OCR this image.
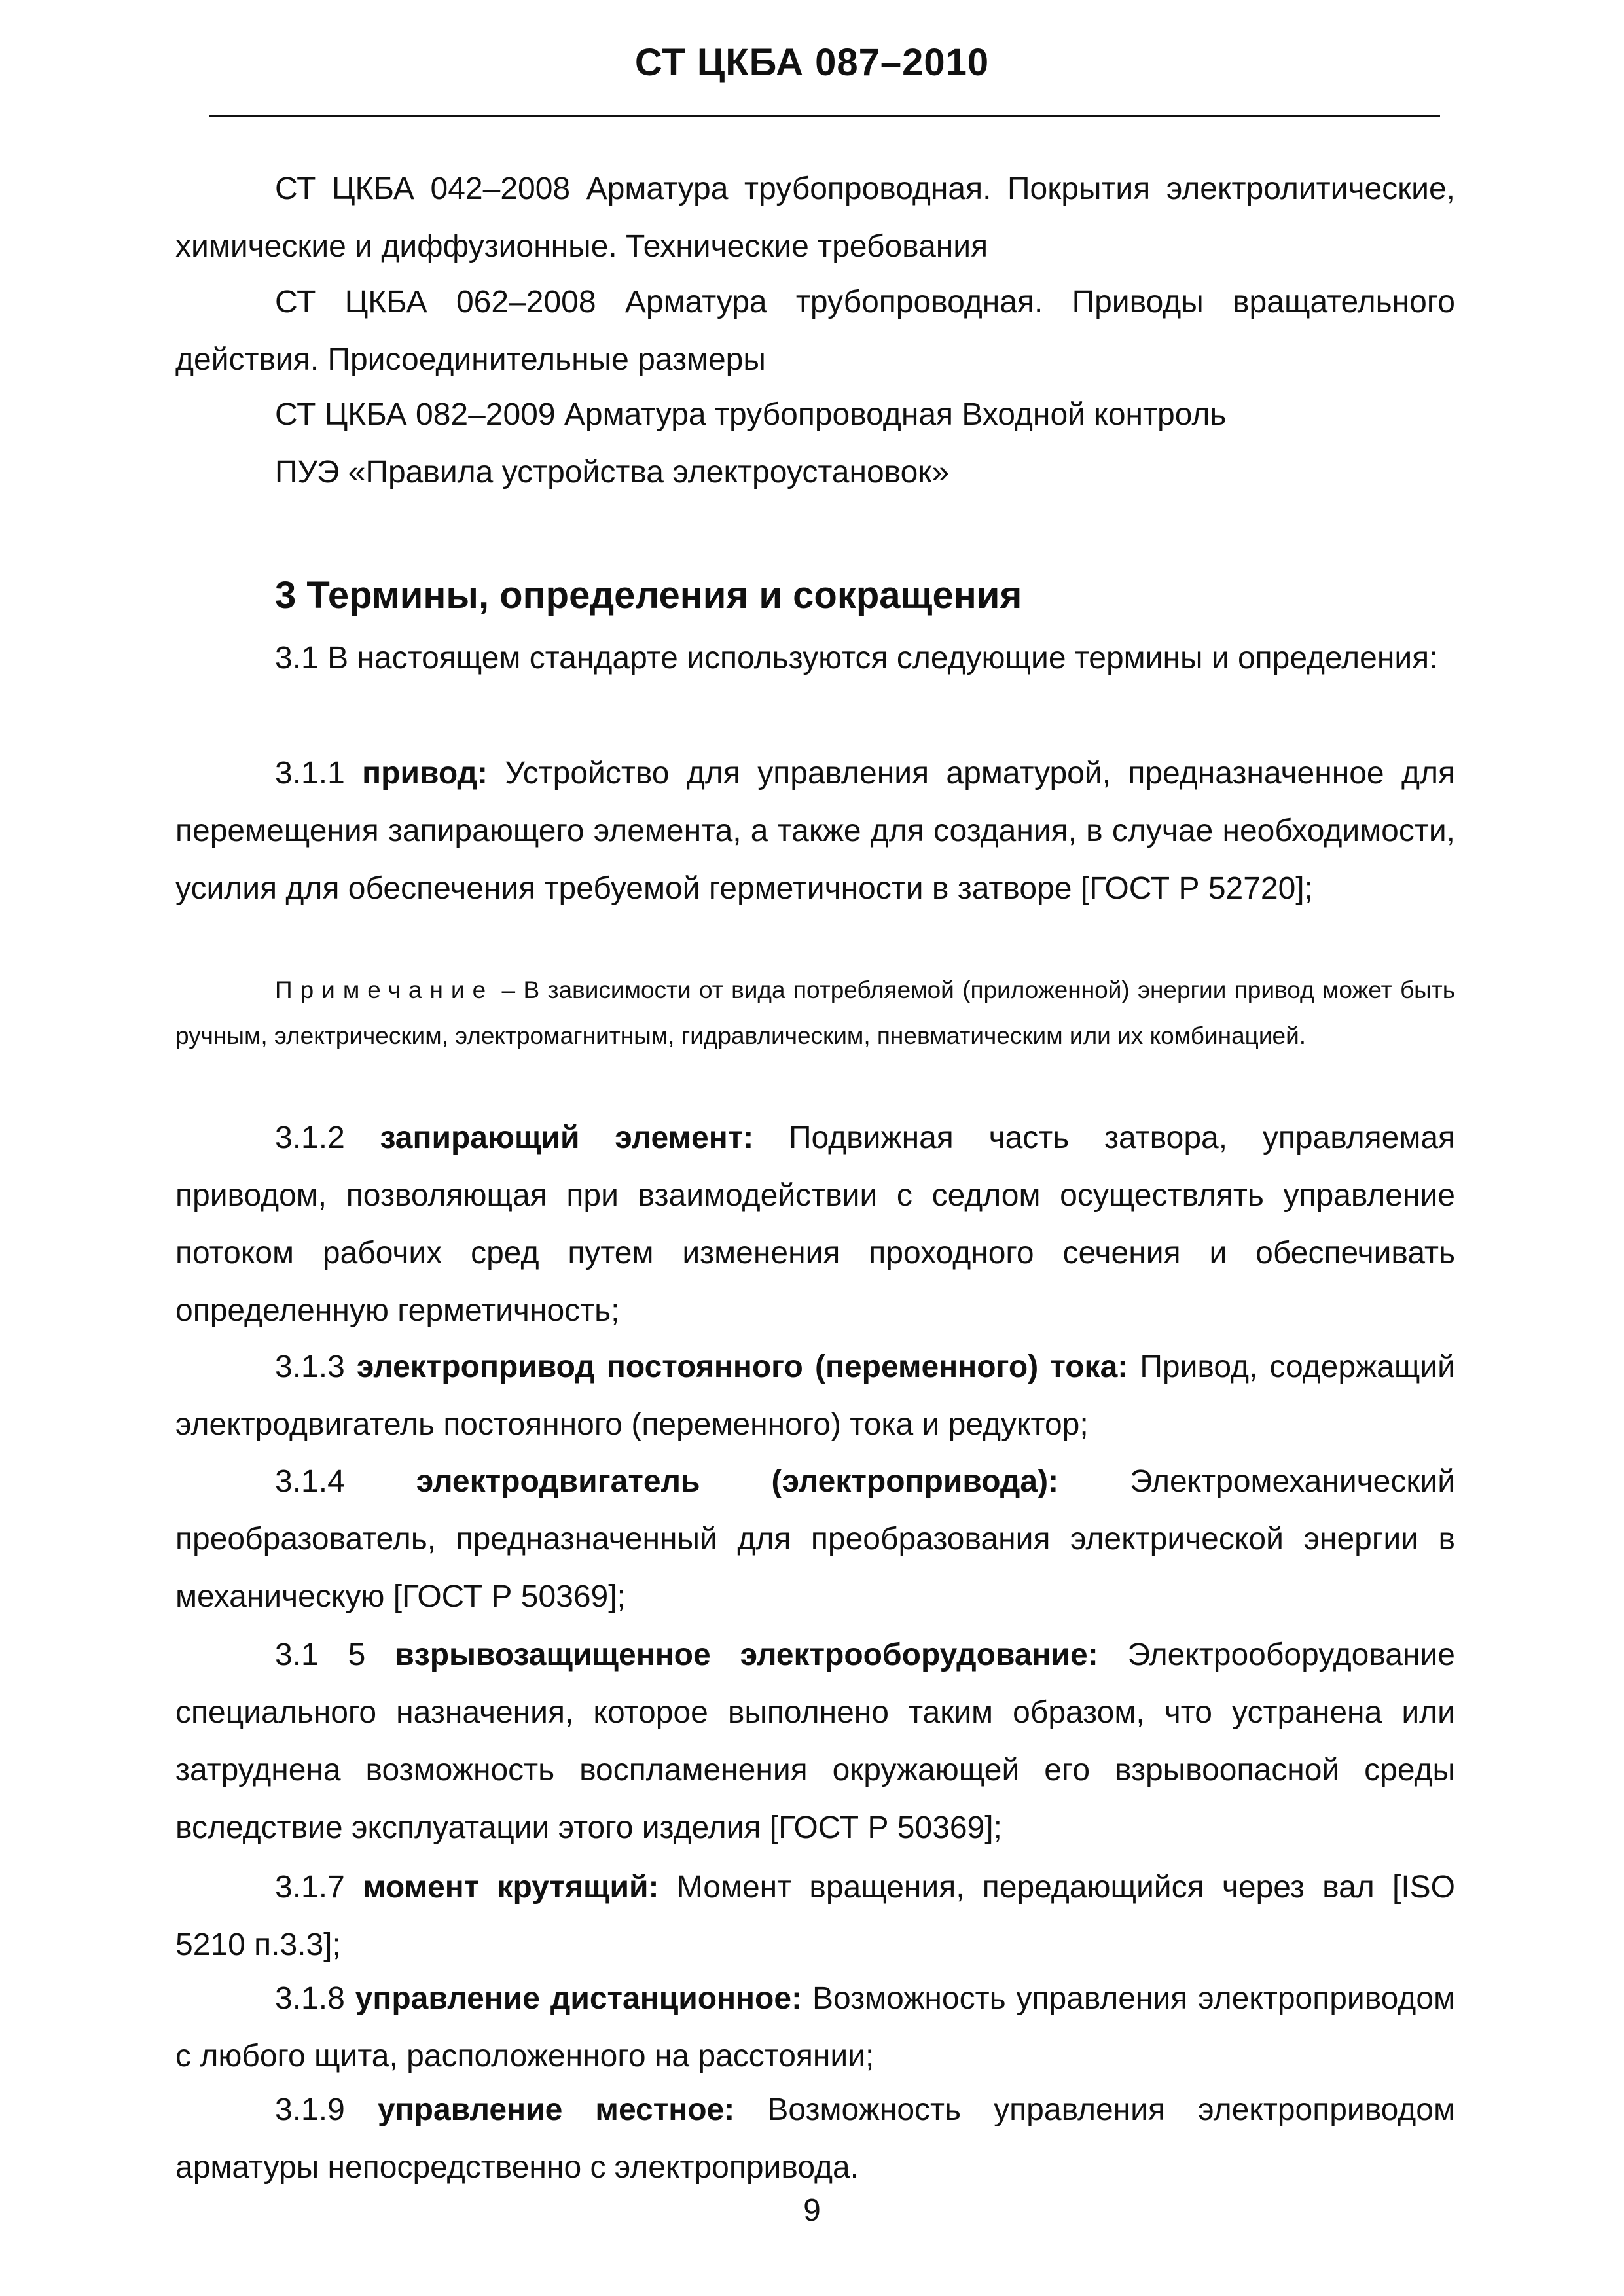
СТ ЦКБА 087–2010

СТ ЦКБА 042–2008 Арматура трубопроводная. Покрытия электролитические, химические и диффузионные. Технические требования

СТ ЦКБА 062–2008 Арматура трубопроводная. Приводы вращательного действия. Присоединительные размеры

СТ ЦКБА 082–2009 Арматура трубопроводная Входной контроль

ПУЭ «Правила устройства электроустановок»

3 Термины, определения и сокращения

3.1 В настоящем стандарте используются следующие термины и определения:

3.1.1 привод: Устройство для управления арматурой, предназначенное для перемещения запирающего элемента, а также для создания, в случае необходимости, усилия для обеспечения требуемой герметичности в затворе [ГОСТ Р 52720];

Примечание – В зависимости от вида потребляемой (приложенной) энергии привод может быть ручным, электрическим, электромагнитным, гидравлическим, пневматическим или их комбинацией.

3.1.2 запирающий элемент: Подвижная часть затвора, управляемая приводом, позволяющая при взаимодействии с седлом осуществлять управление потоком рабочих сред путем изменения проходного сечения и обеспечивать определенную герметичность;

3.1.3 электропривод постоянного (переменного) тока: Привод, содержащий электродвигатель постоянного (переменного) тока и редуктор;

3.1.4 электродвигатель (электропривода): Электромеханический преобразователь, предназначенный для преобразования электрической энергии в механическую [ГОСТ Р 50369];

3.1 5 взрывозащищенное электрооборудование: Электрооборудование специального назначения, которое выполнено таким образом, что устранена или затруднена возможность воспламенения окружающей его взрывоопасной среды вследствие эксплуатации этого изделия [ГОСТ Р 50369];

3.1.7 момент крутящий: Момент вращения, передающийся через вал [ISO 5210 п.3.3];

3.1.8 управление дистанционное: Возможность управления электроприводом с любого щита, расположенного на расстоянии;

3.1.9 управление местное: Возможность управления электроприводом арматуры непосредственно с электропривода.

9
